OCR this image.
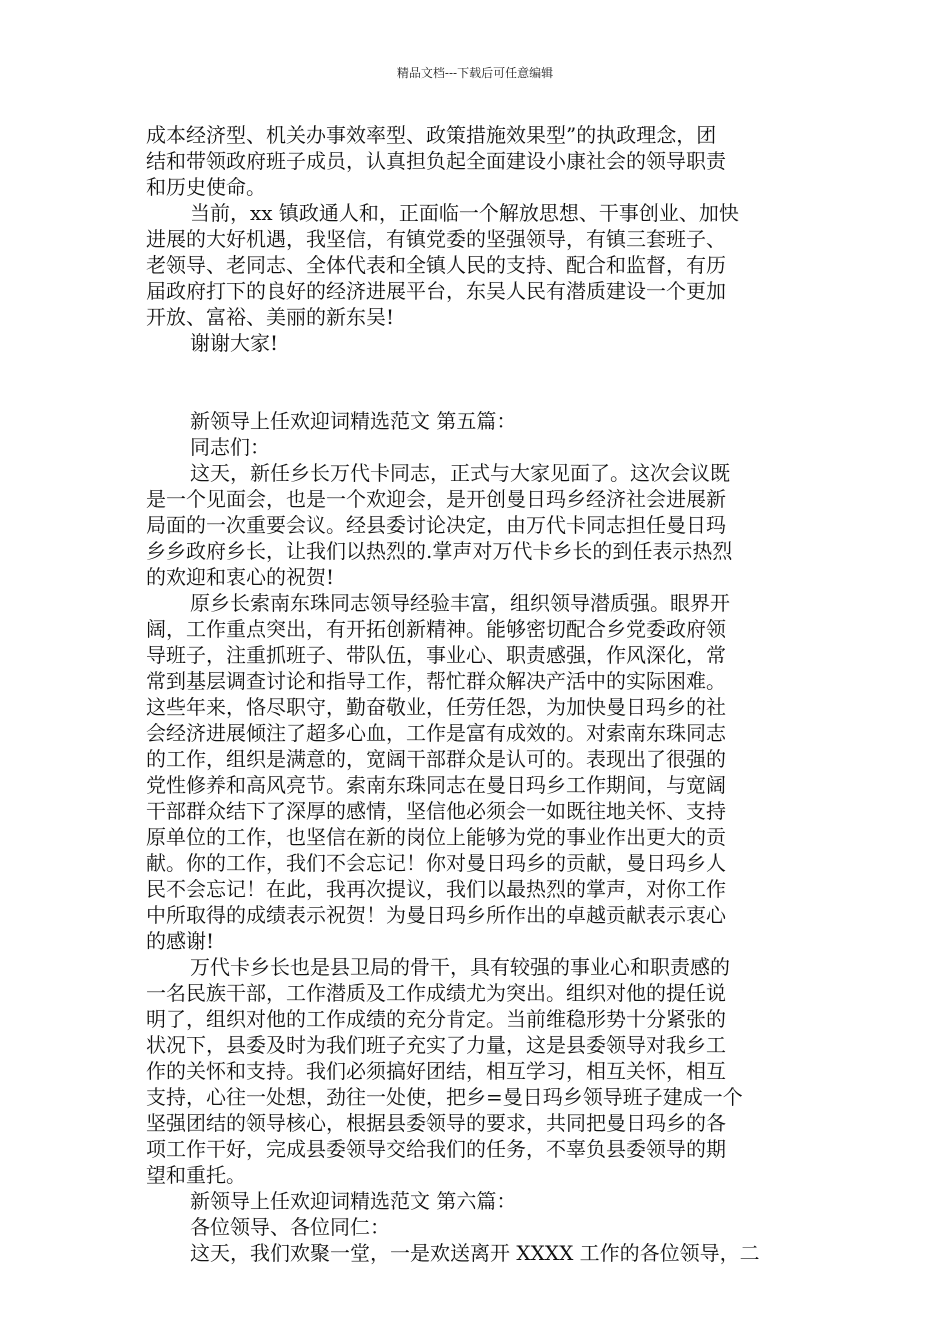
精品文档---下载后可任意编辑
成本经济型、机关办事效率型、政策措施效果型”的执政理念，团
结和带领政府班子成员，认真担负起全面建设小康社会的领导职责
和历史使命。
当前，xx 镇政通人和，正面临一个解放思想、干事创业、加快
进展的大好机遇，我坚信，有镇党委的坚强领导，有镇三套班子、
老领导、老同志、全体代表和全镇人民的支持、配合和监督，有历
届政府打下的良好的经济进展平台，东吴人民有潜质建设一个更加
开放、富裕、美丽的新东吴!
谢谢大家!
新领导上任欢迎词精选范文 第五篇：
同志们：
这天，新任乡长万代卡同志，正式与大家见面了。这次会议既
是一个见面会，也是一个欢迎会，是开创曼日玛乡经济社会进展新
局面的一次重要会议。经县委讨论决定，由万代卡同志担任曼日玛
乡乡政府乡长，让我们以热烈的.掌声对万代卡乡长的到任表示热烈
的欢迎和衷心的祝贺!
原乡长索南东珠同志领导经验丰富，组织领导潜质强。眼界开
阔，工作重点突出，有开拓创新精神。能够密切配合乡党委政府领
导班子，注重抓班子、带队伍，事业心、职责感强，作风深化，常
常到基层调查讨论和指导工作，帮忙群众解决产活中的实际困难。
这些年来，恪尽职守，勤奋敬业，任劳任怨，为加快曼日玛乡的社
会经济进展倾注了超多心血，工作是富有成效的。对索南东珠同志
的工作，组织是满意的，宽阔干部群众是认可的。表现出了很强的
党性修养和高风亮节。索南东珠同志在曼日玛乡工作期间，与宽阔
干部群众结下了深厚的感情，坚信他必须会一如既往地关怀、支持
原单位的工作，也坚信在新的岗位上能够为党的事业作出更大的贡
献。你的工作，我们不会忘记！你对曼日玛乡的贡献，曼日玛乡人
民不会忘记！在此，我再次提议，我们以最热烈的掌声，对你工作
中所取得的成绩表示祝贺！为曼日玛乡所作出的卓越贡献表示衷心
的感谢!
万代卡乡长也是县卫局的骨干，具有较强的事业心和职责感的
一名民族干部，工作潜质及工作成绩尤为突出。组织对他的提任说
明了，组织对他的工作成绩的充分肯定。当前维稳形势十分紧张的
状况下，县委及时为我们班子充实了力量，这是县委领导对我乡工
作的关怀和支持。我们必须搞好团结，相互学习，相互关怀，相互
支持，心往一处想，劲往一处使，把乡=曼日玛乡领导班子建成一个
坚强团结的领导核心，根据县委领导的要求，共同把曼日玛乡的各
项工作干好，完成县委领导交给我们的任务，不辜负县委领导的期
望和重托。
新领导上任欢迎词精选范文 第六篇：
各位领导、各位同仁：
这天，我们欢聚一堂，一是欢送离开 XXXX 工作的各位领导，二
